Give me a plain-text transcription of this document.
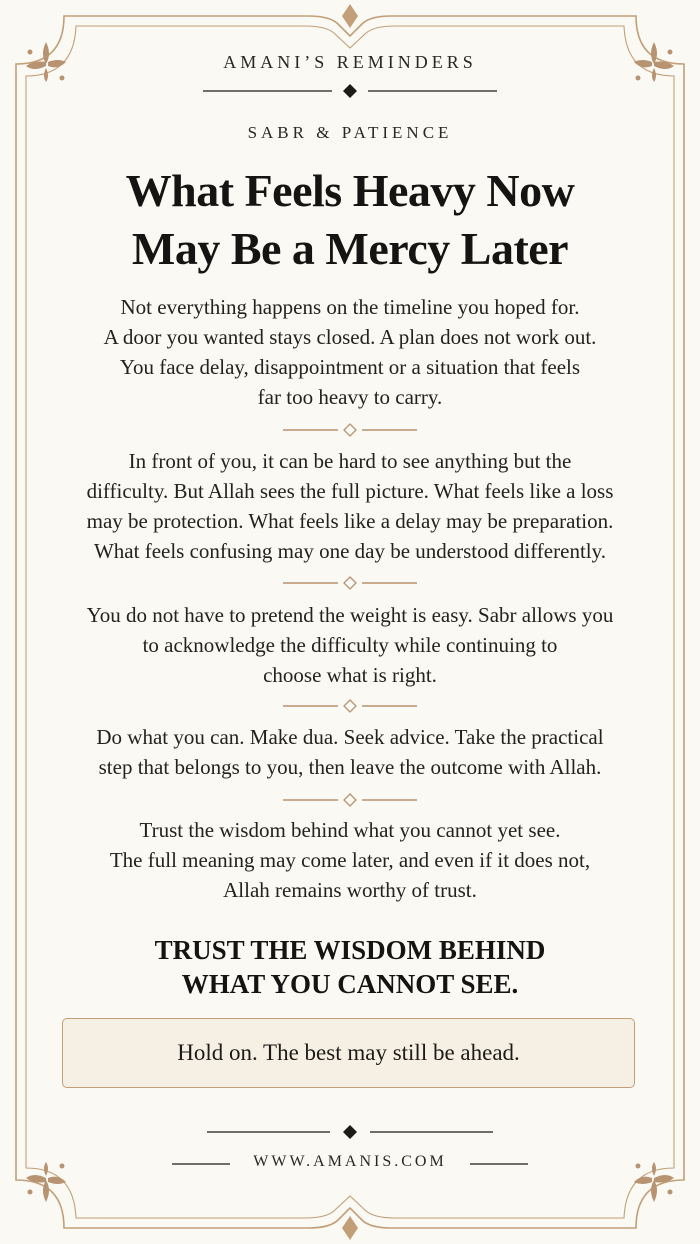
AMANI’S REMINDERS
SABR & PATIENCE
What Feels Heavy Now
May Be a Mercy Later
Not everything happens on the timeline you hoped for.
A door you wanted stays closed. A plan does not work out.
You face delay, disappointment or a situation that feels
far too heavy to carry.
In front of you, it can be hard to see anything but the
difficulty. But Allah sees the full picture. What feels like a loss
may be protection. What feels like a delay may be preparation.
What feels confusing may one day be understood differently.
You do not have to pretend the weight is easy. Sabr allows you
to acknowledge the difficulty while continuing to
choose what is right.
Do what you can. Make dua. Seek advice. Take the practical
step that belongs to you, then leave the outcome with Allah.
Trust the wisdom behind what you cannot yet see.
The full meaning may come later, and even if it does not,
Allah remains worthy of trust.
TRUST THE WISDOM BEHIND
WHAT YOU CANNOT SEE.
Hold on. The best may still be ahead.
WWW.AMANIS.COM
